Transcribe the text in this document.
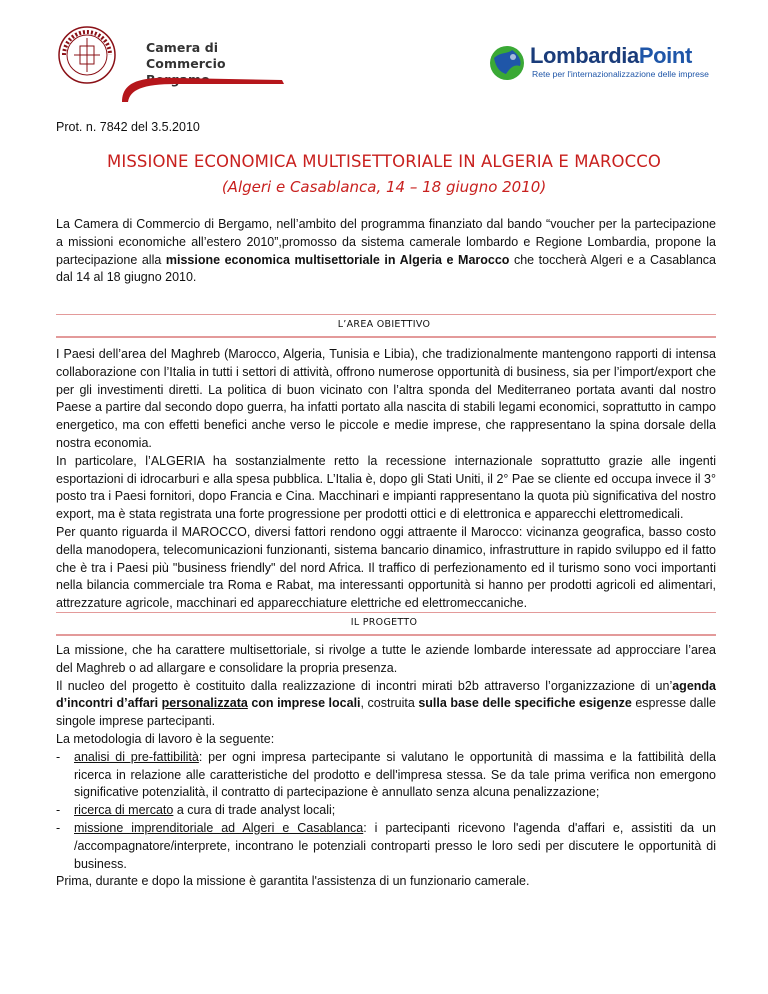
Camera di Commercio	LombardiaPoint
Rete per l'internazionalizzazione delle imprese
Prot. n. 7842 del 3.5.2010
MISSIONE ECONOMICA MULTISETTORIALE IN ALGERIA E MAROCCO
(Algeri e Casablanca, 14 – 18 giugno 2010)
La Camera di Commercio di Bergamo, nell’ambito del programma finanziato dal bando “voucher per la partecipazione a missioni economiche all’estero 2010”,promosso da sistema camerale lombardo e Regione Lombardia, propone la partecipazione alla missione economica multisettoriale in Algeria e Marocco che toccherà Algeri e a Casablanca dal 14 al 18 giugno 2010.
L’AREA OBIETTIVO

I Paesi dell’area del Maghreb (Marocco, Algeria, Tunisia e Libia), che tradizionalmente mantengono rapporti di intensa collaborazione con l’Italia in tutti i settori di attività, offrono numerose opportunità di business, sia per l’import/export che per gli investimenti diretti. La politica di buon vicinato con l’altra sponda del Mediterraneo portata avanti dal nostro Paese a partire dal secondo dopo guerra, ha infatti portato alla nascita di stabili legami economici, soprattutto in campo energetico, ma con effetti benefici anche verso le piccole e medie imprese, che rappresentano la spina dorsale della nostra economia.

In particolare, l’ALGERIA ha sostanzialmente retto la recessione internazionale soprattutto grazie alle ingenti esportazioni di idrocarburi e alla spesa pubblica. L’Italia è, dopo gli Stati Uniti, il 2° Pae se cliente ed occupa invece il 3° posto tra i Paesi fornitori, dopo Francia e Cina. Macchinari e impianti rappresentano la quota più significativa del nostro export, ma è stata registrata una forte progressione per prodotti ottici e di elettronica e apparecchi elettromedicali.

Per quanto riguarda il MAROCCO, diversi fattori rendono oggi attraente il Marocco: vicinanza geografica, basso costo della manodopera, telecomunicazioni funzionanti, sistema bancario dinamico, infrastrutture in rapido sviluppo ed il fatto che è tra i Paesi più "business friendly" del nord Africa. Il traffico di perfezionamento ed il turismo sono voci importanti nella bilancia commerciale tra Roma e Rabat, ma interessanti opportunità si hanno per prodotti agricoli ed alimentari, attrezzature agricole, macchinari ed apparecchiature elettriche ed elettromeccaniche.

IL PROGETTO

La missione, che ha carattere multisettoriale, si rivolge a tutte le aziende lombarde interessate ad approcciare l’area del Maghreb o ad allargare e consolidare la propria presenza.

Il nucleo del progetto è costituito dalla realizzazione di incontri mirati b2b attraverso l’organizzazione di un’agenda d’incontri d’affari personalizzata con imprese locali, costruita sulla base delle specifiche esigenze espresse dalle singole imprese partecipanti.

La metodologia di lavoro è la seguente:

- analisi di pre-fattibilità: per ogni impresa partecipante si valutano le opportunità di massima e la fattibilità della ricerca in relazione alle caratteristiche del prodotto e dell'impresa stessa. Se da tale prima verifica non emergono significative potenzialità, il contratto di partecipazione è annullato senza alcuna penalizzazione;
- ricerca di mercato a cura di trade analyst locali;
- missione imprenditoriale ad Algeri e Casablanca: i partecipanti ricevono l'agenda d'affari e, assistiti da un /accompagnatore/interprete, incontrano le potenziali controparti presso le loro sedi per discutere le opportunità di business.

Prima, durante e dopo la missione è garantita l'assistenza di un funzionario camerale.
